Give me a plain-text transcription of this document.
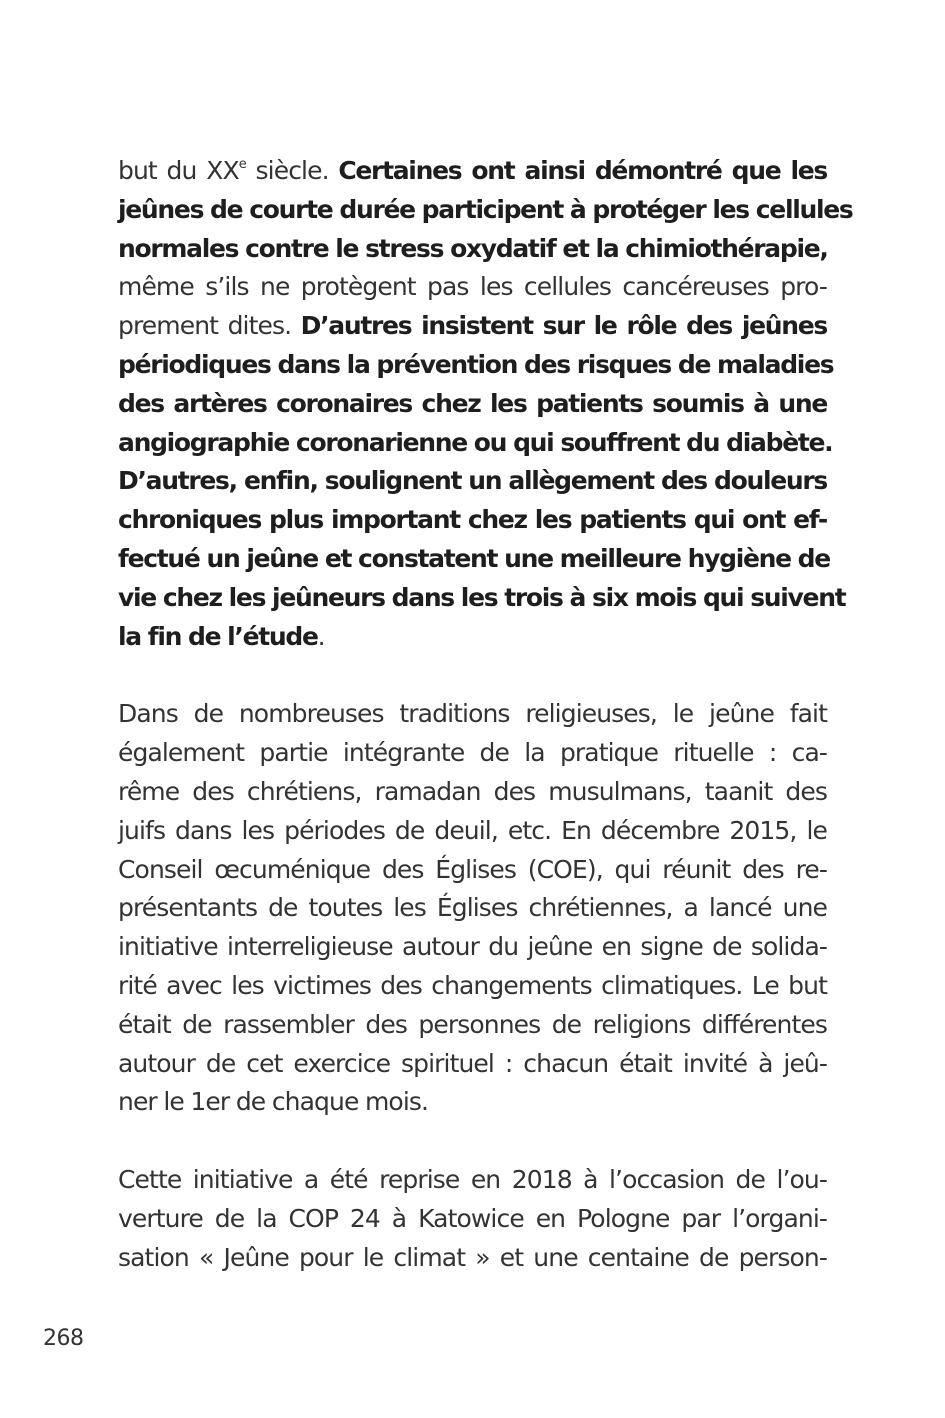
but du XXe siècle. Certaines ont ainsi démontré que les
jeûnes de courte durée participent à protéger les cellules
normales contre le stress oxydatif et la chimiothérapie,
même s’ils ne protègent pas les cellules cancéreuses pro-
prement dites. D’autres insistent sur le rôle des jeûnes
périodiques dans la prévention des risques de maladies
des artères coronaires chez les patients soumis à une
angiographie coronarienne ou qui souffrent du diabète.
D’autres, enfin, soulignent un allègement des douleurs
chroniques plus important chez les patients qui ont ef-
fectué un jeûne et constatent une meilleure hygiène de
vie chez les jeûneurs dans les trois à six mois qui suivent
la fin de l’étude.

Dans de nombreuses traditions religieuses, le jeûne fait
également partie intégrante de la pratique rituelle : ca-
rême des chrétiens, ramadan des musulmans, taanit des
juifs dans les périodes de deuil, etc. En décembre 2015, le
Conseil œcuménique des Églises (COE), qui réunit des re-
présentants de toutes les Églises chrétiennes, a lancé une
initiative interreligieuse autour du jeûne en signe de solida-
rité avec les victimes des changements climatiques. Le but
était de rassembler des personnes de religions différentes
autour de cet exercice spirituel : chacun était invité à jeû-
ner le 1er de chaque mois.

Cette initiative a été reprise en 2018 à l’occasion de l’ou-
verture de la COP 24 à Katowice en Pologne par l’organi-
sation « Jeûne pour le climat » et une centaine de person-

268
